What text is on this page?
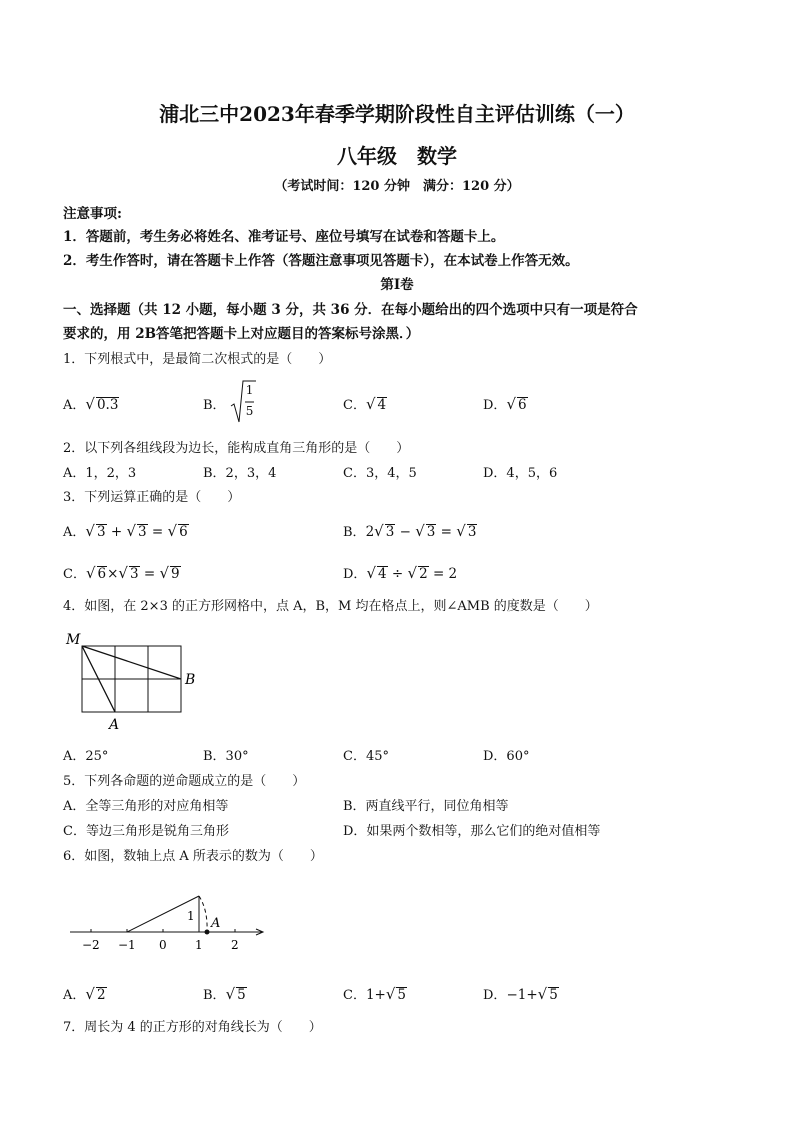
浦北三中2023年春季学期阶段性自主评估训练（一）
八年级　数学
（考试时间：120 分钟　满分：120 分）
注意事项:
1．答题前，考生务必将姓名、准考证号、座位号填写在试卷和答题卡上。
2．考生作答时，请在答题卡上作答（答题注意事项见答题卡），在本试卷上作答无效。
第Ⅰ卷
一、选择题（共 12 小题，每小题 3 分，共 36 分．在每小题给出的四个选项中只有一项是符合
要求的，用 2B答笔把答题卡上对应题目的答案标号涂黑．）
1．下列根式中，是最简二次根式的是（　　）
A．√ 0.3	B．
1
5	C．√ 4	D．√ 6
2．以下列各组线段为边长，能构成直角三角形的是（　　）
A．1，2，3	B．2，3，4	C．3，4，5	D．4，5，6
3．下列运算正确的是（　　）
A．√ 3 + √ 3 = √ 6	B．2√ 3 − √ 3 = √ 3
C．√ 6×√ 3 = √ 9	D．√ 4 ÷ √ 2 = 2
4．如图，在 2×3 的正方形网格中，点 A，B，M 均在格点上，则∠AMB 的度数是（　　）
M
B
A
A．25°	B．30°	C．45°	D．60°
5．下列各命题的逆命题成立的是（　　）
A．全等三角形的对应角相等	B．两直线平行，同位角相等
C．等边三角形是锐角三角形	D．如果两个数相等，那么它们的绝对值相等
6．如图，数轴上点 A 所表示的数为（　　）
1 A
−2 −1 0 1 2
A．√ 2	B．√ 5	C．1+√ 5	D．−1+√ 5
7．周长为 4 的正方形的对角线长为（　　）
